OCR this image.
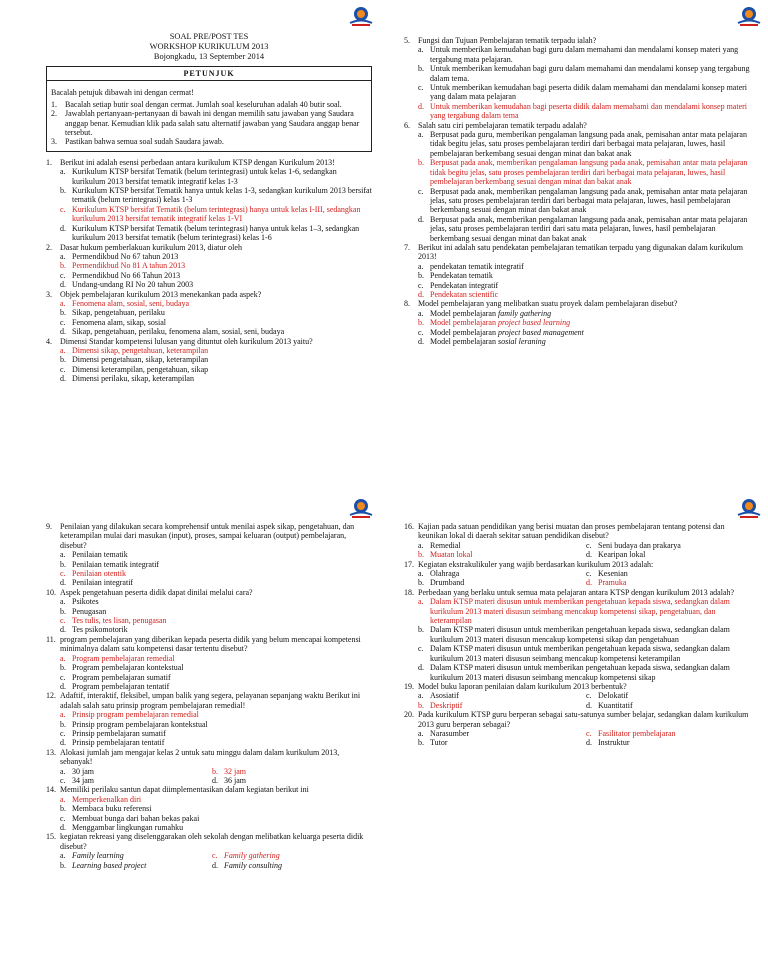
SOAL PRE/POST TES
WORKSHOP KURIKULUM 2013
Bojongkadu, 13 September 2014
PETUNJUK

Bacalah petujuk dibawah ini dengan cermat!

1.	Bacalah setiap butir soal dengan cermat. Jumlah soal keseluruhan adalah 40 butir soal.
2.	Jawablah pertanyaan-pertanyaan di bawah ini dengan memilih satu jawaban yang Saudara anggap benar. Kemudian klik pada salah satu alternatif jawaban yang Saudara anggap benar tersebut.
3.	Pastikan bahwa semua soal sudah Saudara jawab.
1.	Berikut ini adalah esensi perbedaan antara kurikulum KTSP dengan Kurikulum 2013!
a. Kurikulum KTSP bersifat Tematik (belum terintegrasi) untuk kelas 1-6, sedangkan kurikulum 2013 bersifat tematik integratif kelas 1-3
b. Kurikulum KTSP bersifat Tematik hanya untuk kelas 1-3, sedangkan kurikulum 2013 bersifat tematik (belum terintegrasi) kelas 1-3
c. Kurikulum KTSP bersifat Tematik (belum terintegrasi) hanya untuk kelas I-III, sedangkan kurikulum 2013 bersifat tematik integratif kelas 1-VI
d. Kurikulum KTSP bersifat Tematik (belum terintegrasi) hanya untuk kelas 1–3, sedangkan kurikulum 2013 bersifat tematik (belum terintegrasi) kelas 1-6
2.	Dasar hukum pemberlakuan kurikulum 2013, diatur oleh
a. Permendikbud No 67 tahun 2013
b. Permendikbud No 81 A tahun 2013
c. Permendikbud No 66 Tahun 2013
d. Undang-undang RI No 20 tahun 2003
3.	Objek pembelajaran kurikulum 2013 menekankan pada aspek?
a. Fenomena alam, sosial, seni, budaya
b. Sikap, pengetahuan, perilaku
c. Fenomena alam, sikap, sosial
d. Sikap, pengetahuan, perilaku, fenomena alam, sosial, seni, budaya
4.	Dimensi Standar kompetensi lulusan yang dituntut oleh kurikulum 2013 yaitu?
a. Dimensi sikap, pengetahuan, keterampilan
b. Dimensi pengetahuan, sikap, keterampilan
c. Dimensi keterampilan, pengetahuan, sikap
d. Dimensi perilaku, sikap, keterampilan
5.	Fungsi dan Tujuan Pembelajaran tematik terpadu ialah?
a. Untuk memberikan kemudahan bagi guru dalam memahami dan mendalami konsep materi yang tergabung mata pelajaran.
b. Untuk memberikan kemudahan bagi guru dalam memahami dan mendalami konsep yang tergabung dalam tema.
c. Untuk memberikan kemudahan bagi peserta didik dalam memahami dan mendalami konsep materi yang dalam mata pelajaran
d. Untuk memberikan kemudahan bagi peserta didik dalam memahami dan mendalami konsep materi yang tergabung dalam tema
6.	Salah satu ciri pembelajaran tematik terpadu adalah?
a. Berpusat pada guru, memberikan pengalaman langsung pada anak, pemisahan antar mata pelajaran tidak begitu jelas, satu proses pembelajaran terdiri dari berbagai mata pelajaran, luwes, hasil pembelajaran berkembang sesuai dengan minat dan bakat anak
b. Berpusat pada anak, memberikan pengalaman langsung pada anak, pemisahan antar mata pelajaran tidak begitu jelas, satu proses pembelajaran terdiri dari berbagai mata pelajaran, luwes, hasil pembelajaran berkembang sesuai dengan minat dan bakat anak
c. Berpusat pada anak, memberikan pengalaman langsung pada anak, pemisahan antar mata pelajaran jelas, satu proses pembelajaran terdiri dari berbagai mata pelajaran, luwes, hasil pembelajaran berkembang sesuai dengan minat dan bakat anak
d. Berpusat pada anak, memberikan pengalaman langsung pada anak, pemisahan antar mata pelajaran jelas, satu proses pembelajaran terdiri dari satu mata pelajaran, luwes, hasil pembelajaran berkembang sesuai dengan minat dan bakat anak
7.	Berikut ini adalah satu pendekatan pembelajaran tematikan terpadu yang digunakan dalam kurikulum 2013!
a. pendekatan tematik integratif
b. Pendekatan tematik
c. Pendekatan integratif
d. Pendekatan scientific
8.	Model pembelajaran yang melibatkan suatu proyek dalam pembelajaran disebut?
a. Model pembelajaran family gathering
b. Model pembelajaran project based learning
c. Model pembelajaran project based management
d. Model pembelajaran sosial leraning
9.	Penilaian yang dilakukan secara komprehensif untuk menilai aspek sikap, pengetahuan, dan keterampilan mulai dari masukan (input), proses, sampai keluaran (output) pembelajaran, disebut?
a. Penilaian tematik
b. Penilaian tematik integratif
c. Penilaian otentik
d. Penilaian integratif
10. Aspek pengetahuan peserta didik dapat dinilai melalui cara?
a. Psikotes
b. Penugasan
c. Tes tulis, tes lisan, penugasan
d. Tes psikomotorik
11. program pembelajaran yang diberikan kepada peserta didik yang belum mencapai kompetensi minimalnya dalam satu kompetensi dasar tertentu disebut?
a. Program pembelajaran remedial
b. Program pembelajaran kontekstual
c. Program pembelajaran sumatif
d. Program pembelajaran tentatif
12. Adaftif, interaktif, fleksibel, umpan balik yang segera, pelayanan sepanjang waktu Berikut ini adalah salah satu prinsip program pembelajaran remedial!
a. Prinsip program pembelajaran remedial
b. Prinsip program pembelajaran kontekstual
c. Prinsip pembelajaran sumatif
d. Prinsip pembelajaran tentatif
13. Alokasi jumlah jam mengajar kelas 2 untuk satu minggu dalam dalam kurikulum 2013, sebanyak!
a. 30 jam	b. 32 jam
c. 34 jam	d. 36 jam
14. Memiliki perilaku santun dapat diimplementasikan dalam kegiatan berikut ini
a. Memperkenalkan diri
b. Membaca buku referensi
c. Membuat bunga dari bahan bekas pakai
d. Menggambar lingkungan rumahku
15. kegiatan rekreasi yang diselenggarakan oleh sekolah dengan melibatkan keluarga peserta didik disebut?
a. Family learning	c. Family gathering
b. Learning based project	d. Family consulting
16. Kajian pada satuan pendidikan yang berisi muatan dan proses pembelajaran tentang potensi dan keunikan lokal di daerah sekitar satuan pendidikan disebut?
a. Remedial	c. Seni budaya dan prakarya
b. Muatan lokal	d. Kearipan lokal
17. Kegiatan ekstrakulikuler yang wajib berdasarkan kurikulum 2013 adalah:
a. Olahraga	c. Kesenian
b. Drumband	d. Pramuka
18. Perbedaan yang berlaku untuk semua mata pelajaran antara KTSP dengan kurikulum 2013 adalah?
a. Dalam KTSP materi disusun untuk memberikan pengetahuan kepada siswa, sedangkan dalam kurikulum 2013 materi disusun seimbang mencakup kompetensi sikap, pengetahuan, dan keterampilan
b. Dalam KTSP materi disusun untuk memberikan pengetahuan kepada siswa, sedangkan dalam kurikulum 2013 materi disusun mencakup kompetensi sikap dan pengetahuan
c. Dalam KTSP materi disusun untuk memberikan pengetahuan kepada siswa, sedangkan dalam kurikulum 2013 materi disusun seimbang mencakup kompetensi keterampilan
d. Dalam KTSP materi disusun untuk memberikan pengetahuan kepada siswa, sedangkan dalam kurikulum 2013 materi disusun seimbang mencakup kompetensi sikap
19. Model buku laporan penilaian dalam kurikulum 2013 berbentuk?
a. Asosiatif	c. Delokatif
b. Deskriptif	d. Kuantitatif
20. Pada kurikulum KTSP guru berperan sebagai satu-satunya sumber belajar, sedangkan dalam kurikulum 2013 guru berperan sebagai?
a. Narasumber	c. Fasilitator pembelajaran
b. Tutor	d. Instruktur
